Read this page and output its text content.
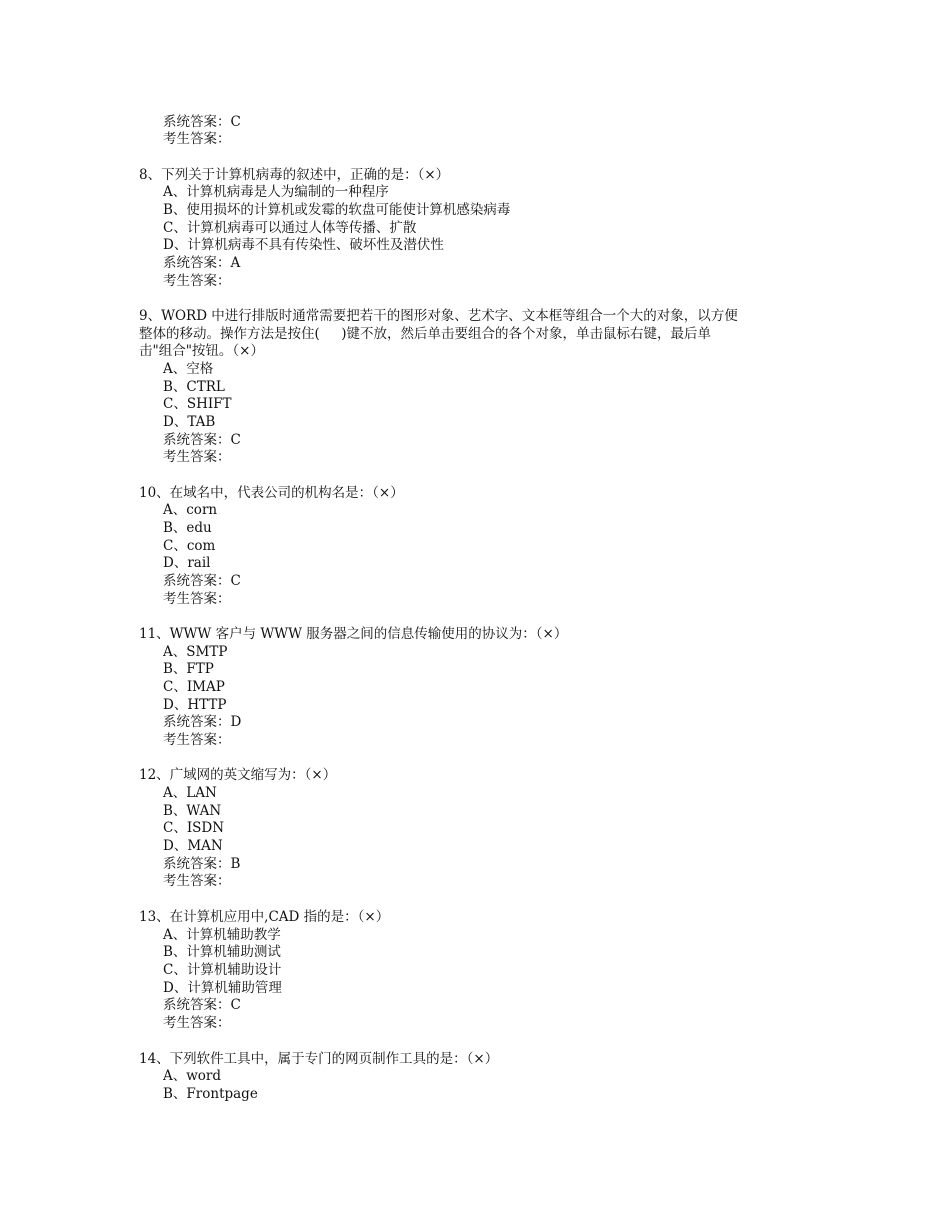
系统答案：C
考生答案：
8、下列关于计算机病毒的叙述中，正确的是：（×）
A、计算机病毒是人为编制的一种程序
B、使用损坏的计算机或发霉的软盘可能使计算机感染病毒
C、计算机病毒可以通过人体等传播、扩散
D、计算机病毒不具有传染性、破坏性及潜伏性
系统答案：A
考生答案：
9、WORD 中进行排版时通常需要把若干的图形对象、艺术字、文本框等组合一个大的对象，以方便
整体的移动。操作方法是按住(     )键不放，然后单击要组合的各个对象，单击鼠标右键，最后单
击"组合"按钮。（×）
A、空格
B、CTRL
C、SHIFT
D、TAB
系统答案：C
考生答案：
10、在域名中，代表公司的机构名是：（×）
A、corn
B、edu
C、com
D、rail
系统答案：C
考生答案：
11、WWW 客户与 WWW 服务器之间的信息传输使用的协议为：（×）
A、SMTP
B、FTP
C、IMAP
D、HTTP
系统答案：D
考生答案：
12、广域网的英文缩写为：（×）
A、LAN
B、WAN
C、ISDN
D、MAN
系统答案：B
考生答案：
13、在计算机应用中,CAD 指的是：（×）
A、计算机辅助教学
B、计算机辅助测试
C、计算机辅助设计
D、计算机辅助管理
系统答案：C
考生答案：
14、下列软件工具中，属于专门的网页制作工具的是：（×）
A、word
B、Frontpage
